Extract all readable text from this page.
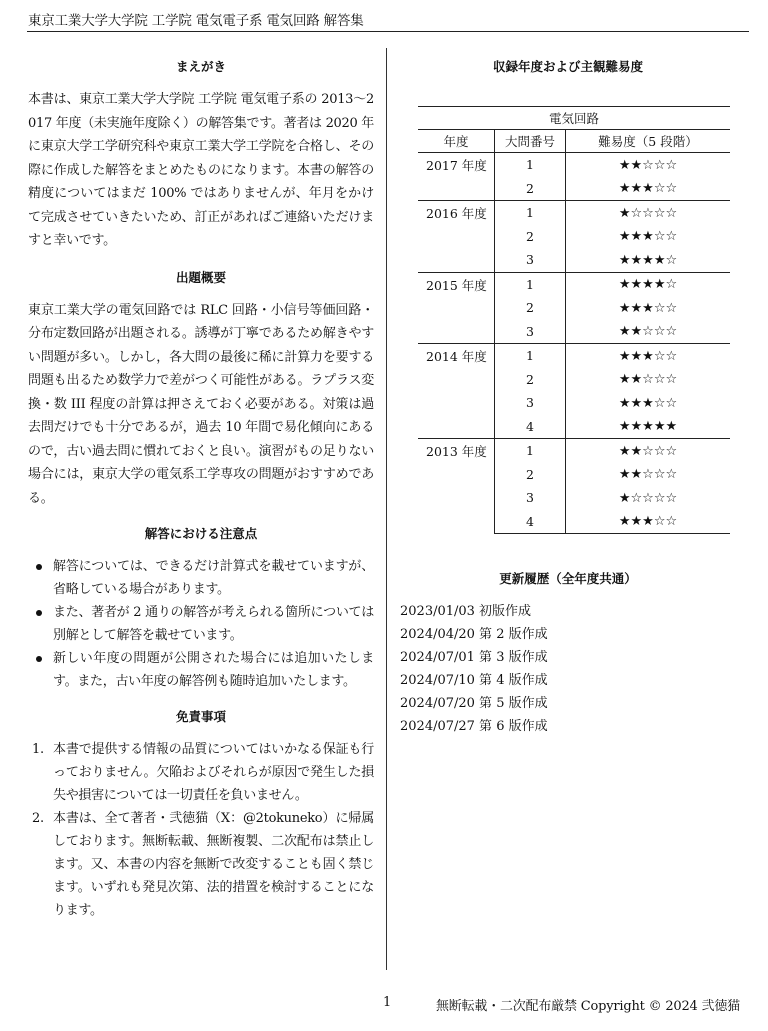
東京工業大学大学院 工学院 電気電子系 電気回路 解答集
まえがき

本書は、東京工業大学大学院 工学院 電気電子系の 2013〜2017 年度（未実施年度除く）の解答集です。著者は 2020 年に東京大学工学研究科や東京工業大学工学院を合格し、その際に作成した解答をまとめたものになります。本書の解答の精度についてはまだ 100% ではありませんが、年月をかけて完成させていきたいため、訂正があればご連絡いただけますと幸いです。

出題概要

東京工業大学の電気回路では RLC 回路・小信号等価回路・分布定数回路が出題される。誘導が丁寧であるため解きやすい問題が多い。しかし，各大問の最後に稀に計算力を要する問題も出るため数学力で差がつく可能性がある。ラプラス変換・数 III 程度の計算は押さえておく必要がある。対策は過去問だけでも十分であるが，過去 10 年間で易化傾向にあるので，古い過去問に慣れておくと良い。演習がもの足りない場合には，東京大学の電気系工学専攻の問題がおすすめである。

解答における注意点
解答については、できるだけ計算式を載せていますが、省略している場合があります。
また、著者が 2 通りの解答が考えられる箇所については別解として解答を載せています。
新しい年度の問題が公開された場合には追加いたします。また，古い年度の解答例も随時追加いたします。
免責事項
1. 本書で提供する情報の品質についてはいかなる保証も行っておりません。欠陥およびそれらが原因で発生した損失や損害については一切責任を負いません。
2. 本書は、全て著者・弐徳猫（X：@2tokuneko）に帰属しております。無断転載、無断複製、二次配布は禁止します。又、本書の内容を無断で改変することも固く禁じます。いずれも発見次第、法的措置を検討することになります。
収録年度および主観難易度

電気回路		
年度	大問番号	難易度（5 段階）
2017 年度	1	★★☆☆☆
	2	★★★☆☆
2016 年度	1	★☆☆☆☆
	2	★★★☆☆
	3	★★★★☆
2015 年度	1	★★★★☆
	2	★★★☆☆
	3	★★☆☆☆
2014 年度	1	★★★☆☆
	2	★★☆☆☆
	3	★★★☆☆
	4	★★★★★
2013 年度	1	★★☆☆☆
	2	★★☆☆☆
	3	★☆☆☆☆
	4	★★★☆☆
更新履歴（全年度共通）
2023/01/03 初版作成
2024/04/20 第 2 版作成
2024/07/01 第 3 版作成
2024/07/10 第 4 版作成
2024/07/20 第 5 版作成
2024/07/27 第 6 版作成
1	無断転載・二次配布厳禁 Copyright © 2024 弐徳猫
